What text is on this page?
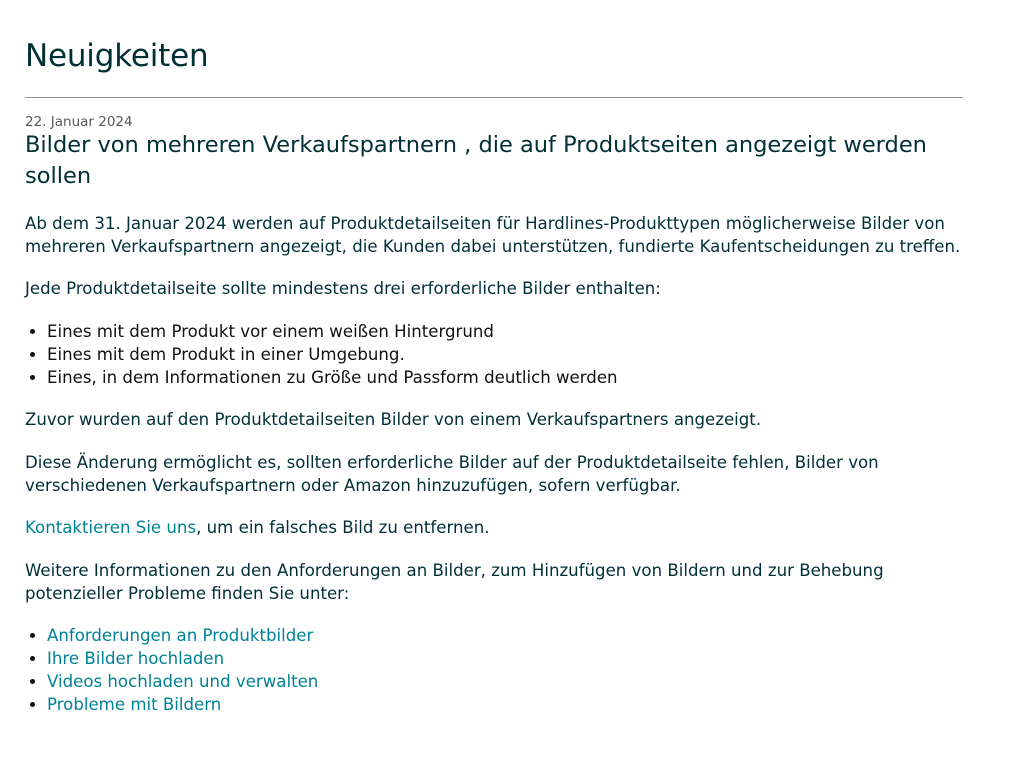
Neuigkeiten
22. Januar 2024
Bilder von mehreren Verkaufspartnern , die auf Produktseiten angezeigt werden sollen

Ab dem 31. Januar 2024 werden auf Produktdetailseiten für Hardlines-Produkttypen möglicherweise Bilder von mehreren Verkaufspartnern angezeigt, die Kunden dabei unterstützen, fundierte Kaufentscheidungen zu treffen.

Jede Produktdetailseite sollte mindestens drei erforderliche Bilder enthalten:

• Eines mit dem Produkt vor einem weißen Hintergrund
• Eines mit dem Produkt in einer Umgebung.
• Eines, in dem Informationen zu Größe und Passform deutlich werden

Zuvor wurden auf den Produktdetailseiten Bilder von einem Verkaufspartners angezeigt.

Diese Änderung ermöglicht es, sollten erforderliche Bilder auf der Produktdetailseite fehlen, Bilder von verschiedenen Verkaufspartnern oder Amazon hinzuzufügen, sofern verfügbar.

Kontaktieren Sie uns, um ein falsches Bild zu entfernen.

Weitere Informationen zu den Anforderungen an Bilder, zum Hinzufügen von Bildern und zur Behebung potenzieller Probleme finden Sie unter:

• Anforderungen an Produktbilder
• Ihre Bilder hochladen
• Videos hochladen und verwalten
• Probleme mit Bildern
